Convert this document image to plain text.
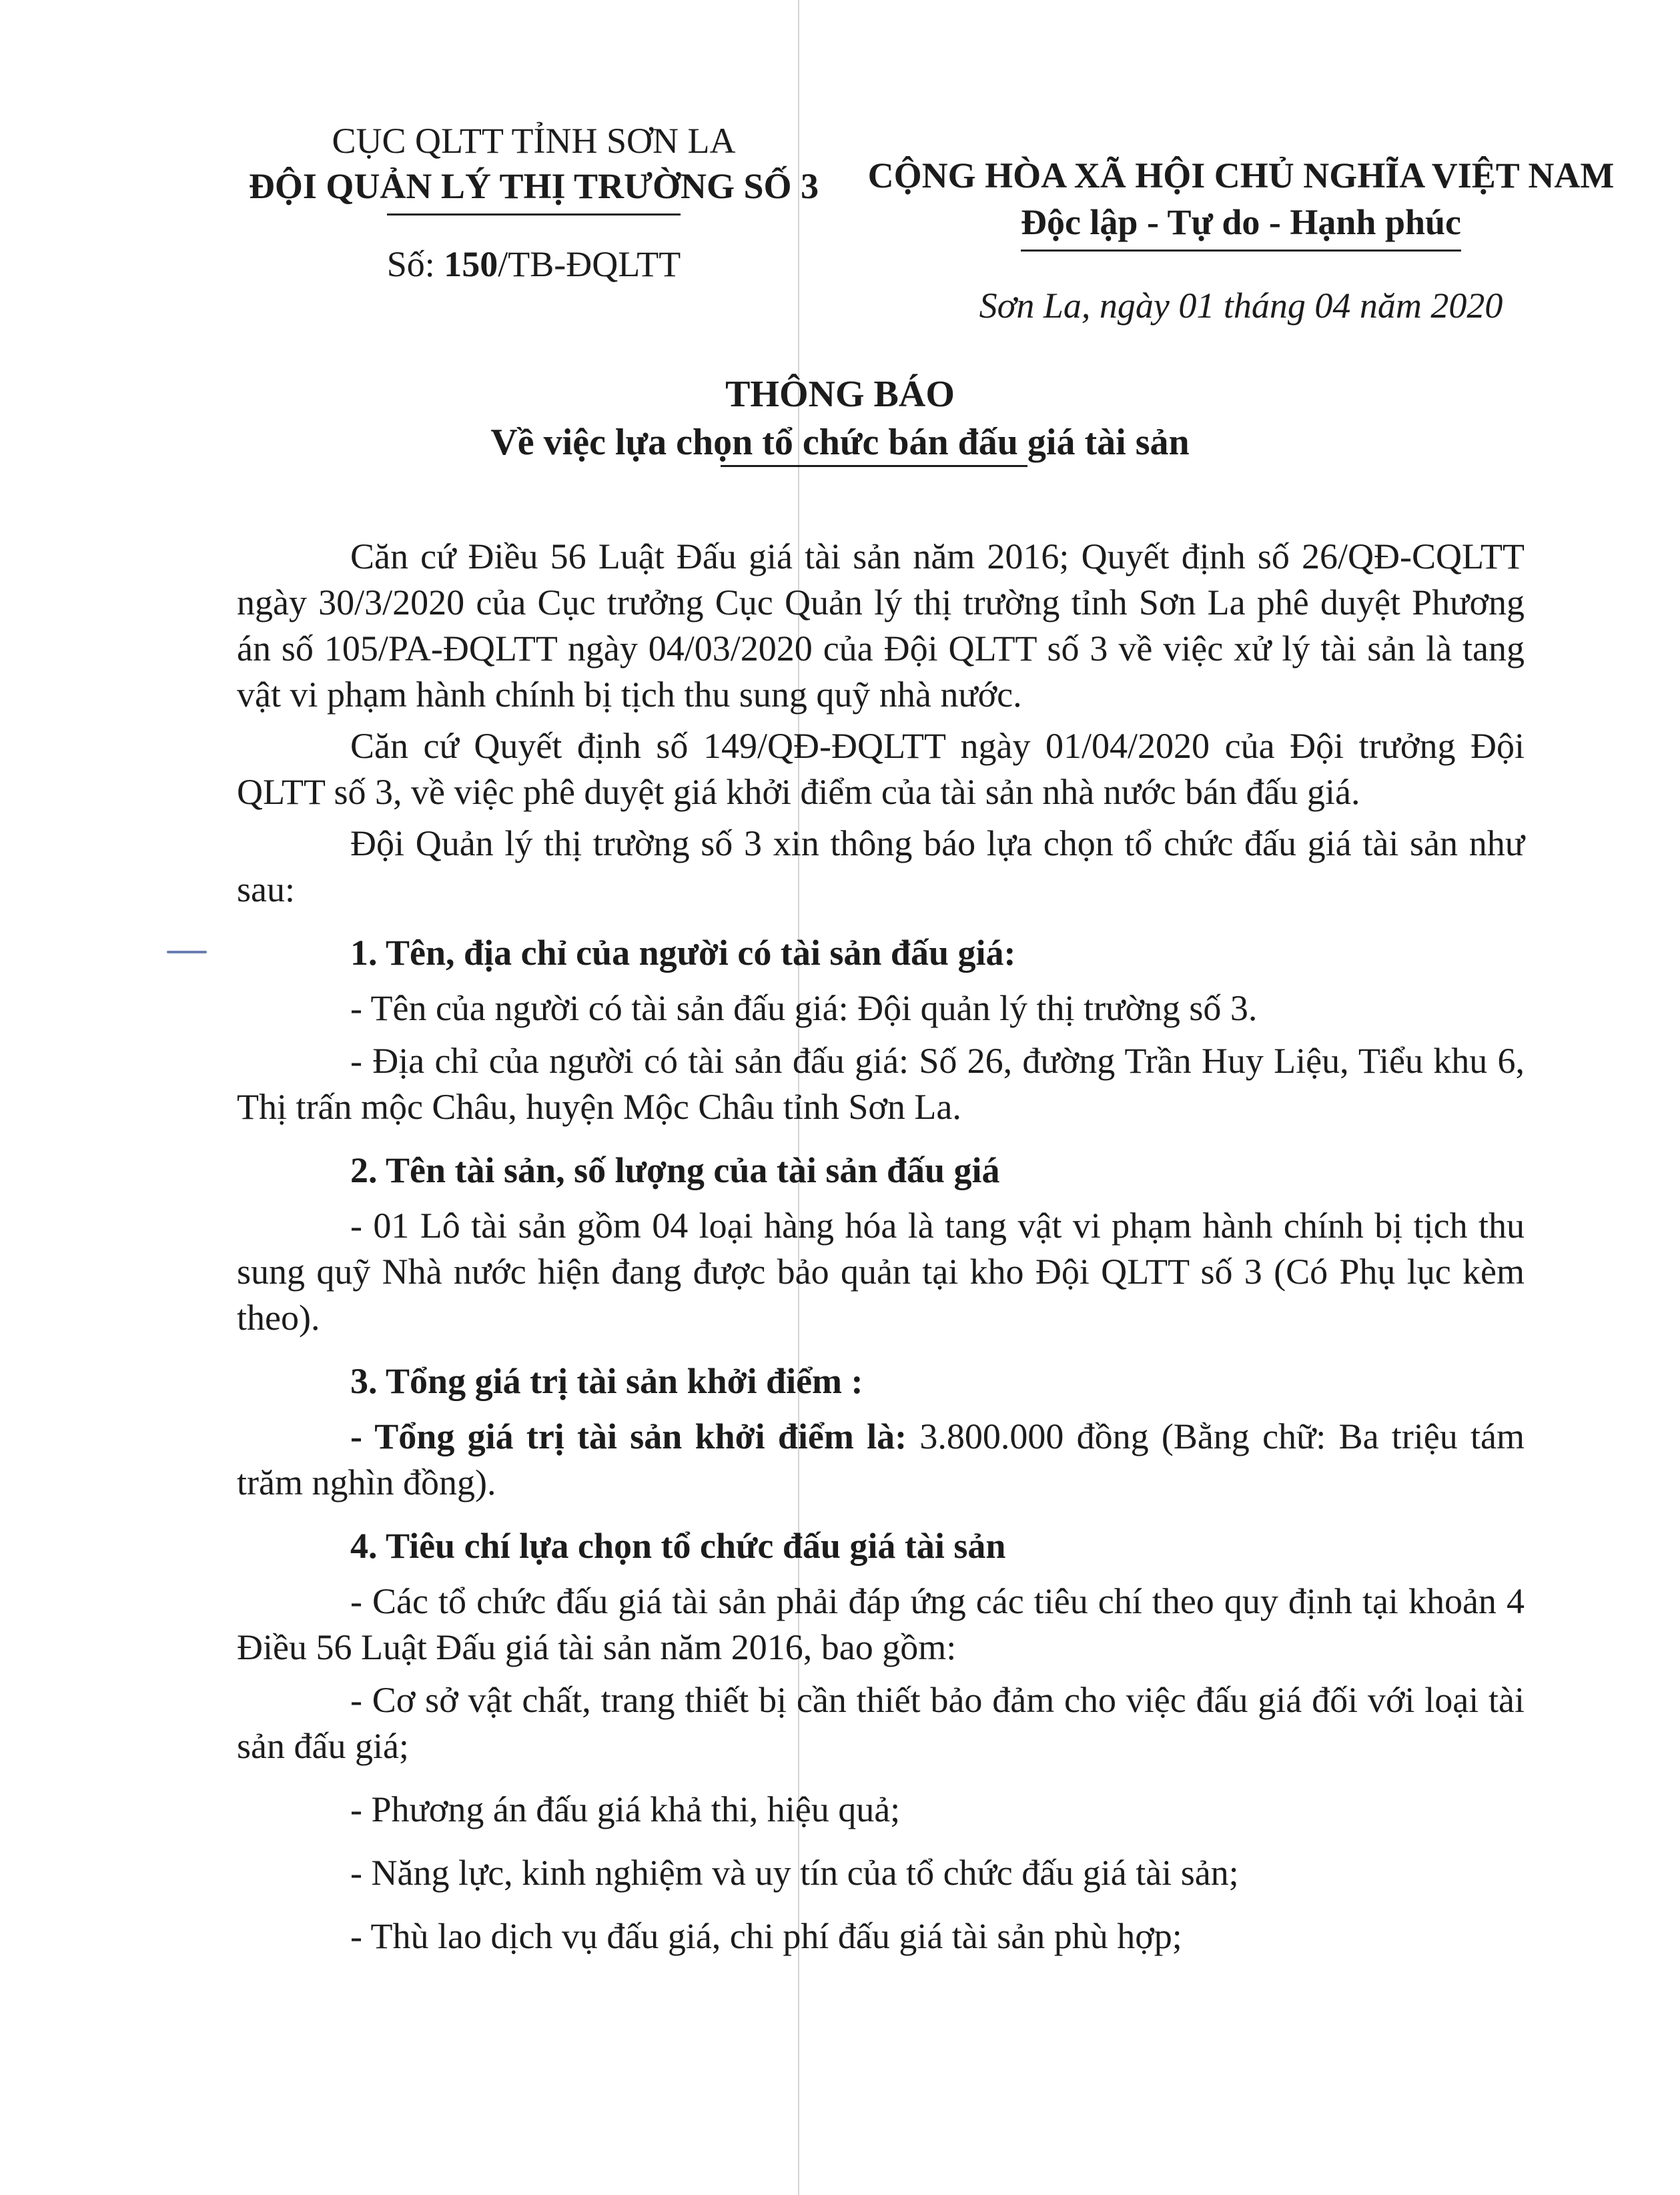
CỤC QLTT TỈNH SƠN LA
ĐỘI QUẢN LÝ THỊ TRƯỜNG SỐ 3
Số: 150/TB-ĐQLTT
CỘNG HÒA XÃ HỘI CHỦ NGHĨA VIỆT NAM
Độc lập - Tự do - Hạnh phúc
Sơn La, ngày 01 tháng 04 năm 2020
THÔNG BÁO
Về việc lựa chọn tổ chức bán đấu giá tài sản

Căn cứ Điều 56 Luật Đấu giá tài sản năm 2016; Quyết định số 26/QĐ-CQLTT ngày 30/3/2020 của Cục trưởng Cục Quản lý thị trường tỉnh Sơn La phê duyệt Phương án số 105/PA-ĐQLTT ngày 04/03/2020 của Đội QLTT số 3 về việc xử lý tài sản là tang vật vi phạm hành chính bị tịch thu sung quỹ nhà nước.

Căn cứ Quyết định số 149/QĐ-ĐQLTT ngày 01/04/2020 của Đội trưởng Đội QLTT số 3, về việc phê duyệt giá khởi điểm của tài sản nhà nước bán đấu giá.

Đội Quản lý thị trường số 3 xin thông báo lựa chọn tổ chức đấu giá tài sản như sau:

1. Tên, địa chỉ của người có tài sản đấu giá:

- Tên của người có tài sản đấu giá: Đội quản lý thị trường số 3.

- Địa chỉ của người có tài sản đấu giá: Số 26, đường Trần Huy Liệu, Tiểu khu 6, Thị trấn mộc Châu, huyện Mộc Châu tỉnh Sơn La.

2. Tên tài sản, số lượng của tài sản đấu giá

- 01 Lô tài sản gồm 04 loại hàng hóa là tang vật vi phạm hành chính bị tịch thu sung quỹ Nhà nước hiện đang được bảo quản tại kho Đội QLTT số 3 (Có Phụ lục kèm theo).

3. Tổng giá trị tài sản khởi điểm :

- Tổng giá trị tài sản khởi điểm là: 3.800.000 đồng (Bằng chữ: Ba triệu tám trăm nghìn đồng).

4. Tiêu chí lựa chọn tổ chức đấu giá tài sản

- Các tổ chức đấu giá tài sản phải đáp ứng các tiêu chí theo quy định tại khoản 4 Điều 56 Luật Đấu giá tài sản năm 2016, bao gồm:

- Cơ sở vật chất, trang thiết bị cần thiết bảo đảm cho việc đấu giá đối với loại tài sản đấu giá;

- Phương án đấu giá khả thi, hiệu quả;

- Năng lực, kinh nghiệm và uy tín của tổ chức đấu giá tài sản;

- Thù lao dịch vụ đấu giá, chi phí đấu giá tài sản phù hợp;
